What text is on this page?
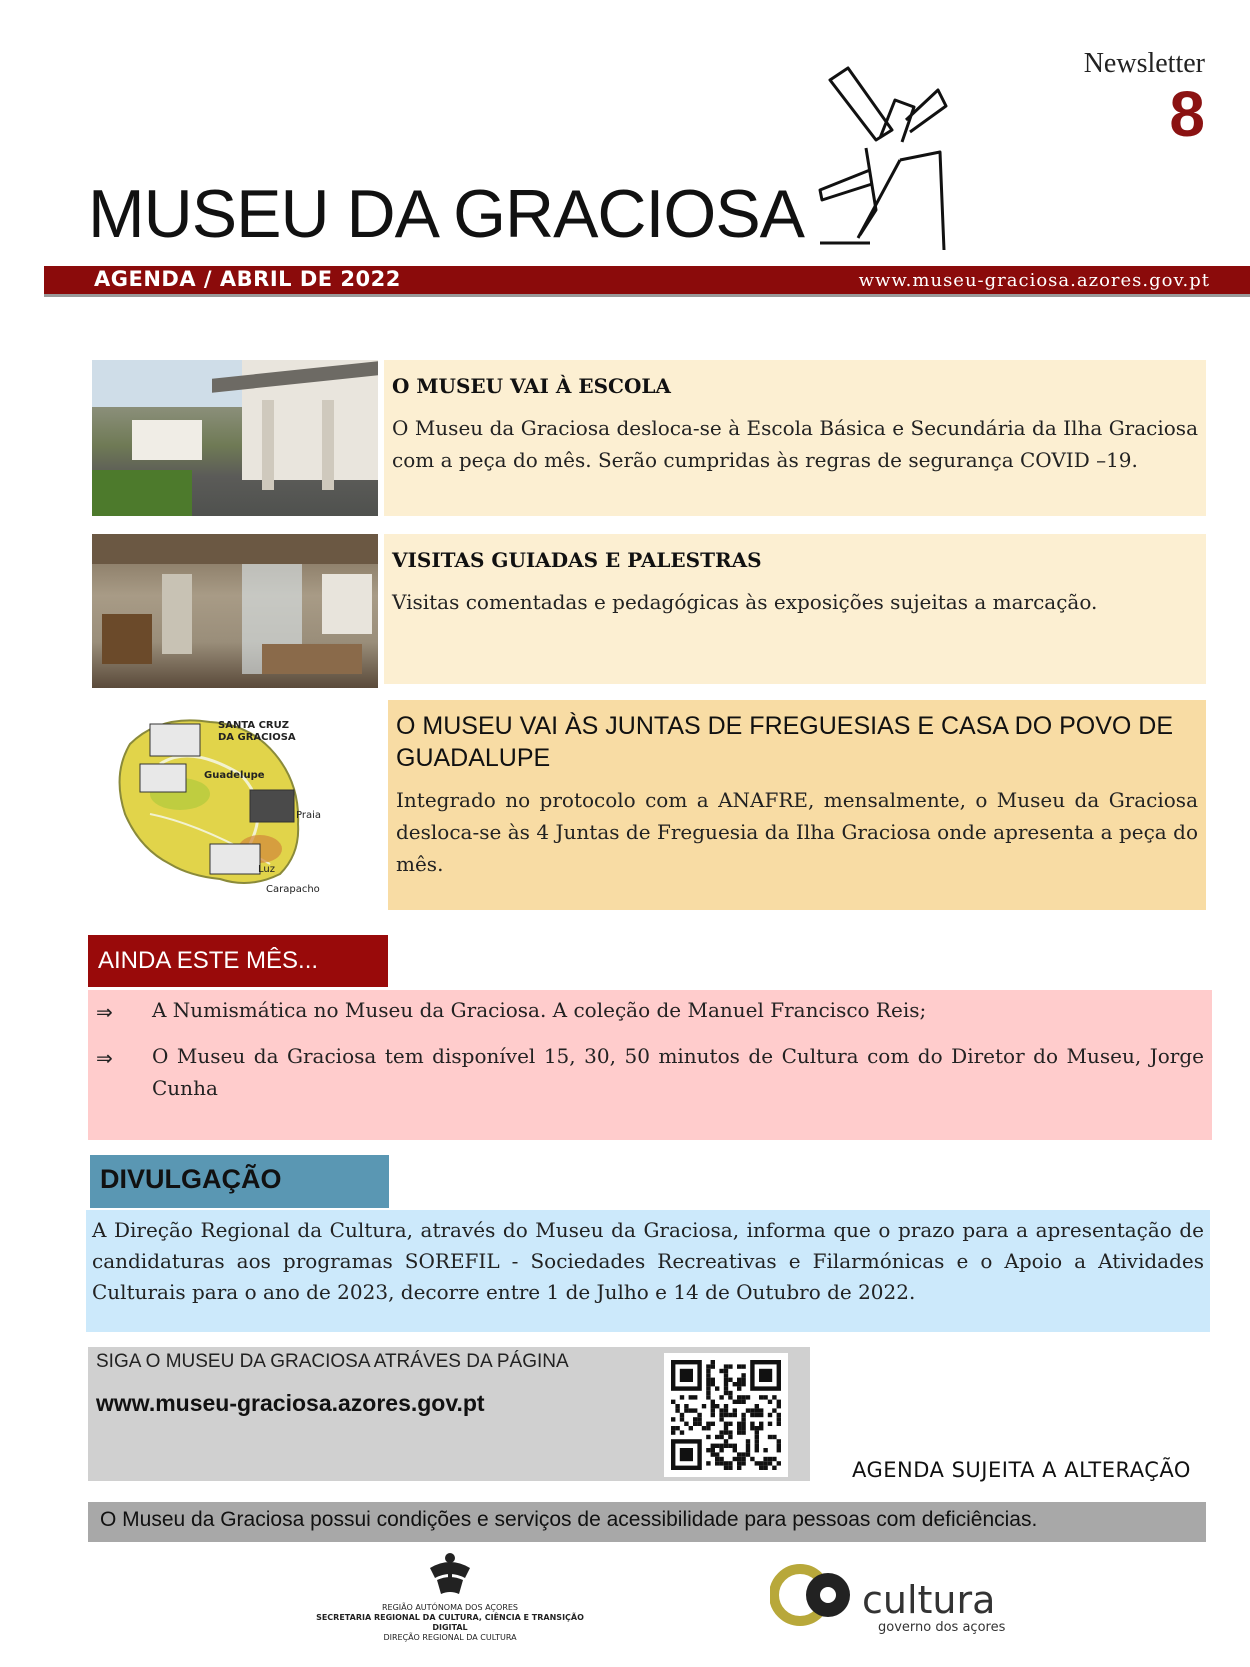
Newsletter
8
MUSEU DA GRACIOSA
AGENDA / ABRIL DE 2022	www.museu-graciosa.azores.gov.pt
O MUSEU VAI À ESCOLA
O Museu da Graciosa desloca-se à Escola Básica e Secundária da Ilha Graciosa com a peça do mês. Serão cumpridas às regras de segurança COVID –19.
VISITAS GUIADAS E PALESTRAS
Visitas comentadas e pedagógicas às exposições sujeitas a marcação.
SANTA CRUZ
DA GRACIOSA
Guadelupe
Praia
Luz
Carapacho
O MUSEU VAI ÀS JUNTAS DE FREGUESIAS E CASA DO POVO DE GUADALUPE
Integrado no protocolo com a ANAFRE, mensalmente, o Museu da Graciosa desloca-se às 4 Juntas de Freguesia da Ilha Graciosa onde apresenta a peça do mês.
AINDA ESTE MÊS...
⇒ A Numismática no Museu da Graciosa. A coleção de Manuel Francisco Reis;
⇒ O Museu da Graciosa tem disponível 15, 30, 50 minutos de Cultura com do Diretor do Museu, Jorge Cunha
DIVULGAÇÃO
A Direção Regional da Cultura, através do Museu da Graciosa, informa que o prazo para a apresentação de candidaturas aos programas SOREFIL - Sociedades Recreativas e Filarmónicas e o Apoio a Atividades Culturais para o ano de 2023, decorre entre 1 de Julho e 14 de Outubro de 2022.
SIGA O MUSEU DA GRACIOSA ATRÁVES DA PÁGINA
www.museu-graciosa.azores.gov.pt
AGENDA SUJEITA A ALTERAÇÃO
O Museu da Graciosa possui condições e serviços de acessibilidade para pessoas com deficiências.
REGIÃO AUTÓNOMA DOS AÇORES
SECRETARIA REGIONAL DA CULTURA, CIÊNCIA E TRANSIÇÃO DIGITAL
DIREÇÃO REGIONAL DA CULTURA
cultura
governo dos açores
